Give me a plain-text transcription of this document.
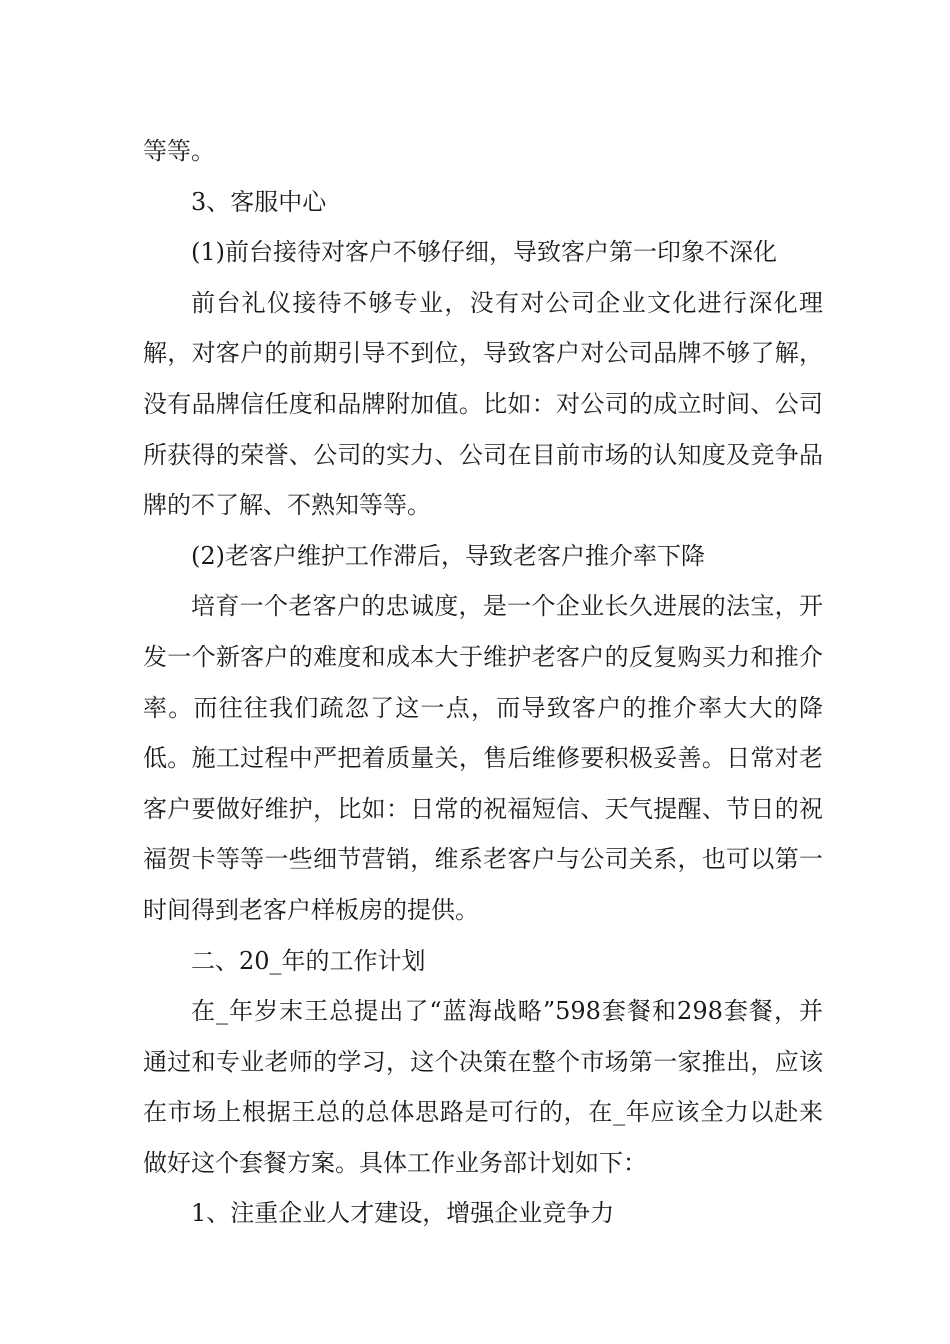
等等。

3、客服中心

(1)前台接待对客户不够仔细，导致客户第一印象不深化

前台礼仪接待不够专业，没有对公司企业文化进行深化理解，对客户的前期引导不到位，导致客户对公司品牌不够了解，没有品牌信任度和品牌附加值。比如：对公司的成立时间、公司所获得的荣誉、公司的实力、公司在目前市场的认知度及竞争品牌的不了解、不熟知等等。

(2)老客户维护工作滞后，导致老客户推介率下降

培育一个老客户的忠诚度，是一个企业长久进展的法宝，开发一个新客户的难度和成本大于维护老客户的反复购买力和推介率。而往往我们疏忽了这一点，而导致客户的推介率大大的降低。施工过程中严把着质量关，售后维修要积极妥善。日常对老客户要做好维护，比如：日常的祝福短信、天气提醒、节日的祝福贺卡等等一些细节营销，维系老客户与公司关系，也可以第一时间得到老客户样板房的提供。

二、20_年的工作计划

在_年岁末王总提出了“蓝海战略”598套餐和298套餐，并通过和专业老师的学习，这个决策在整个市场第一家推出，应该在市场上根据王总的总体思路是可行的，在_年应该全力以赴来做好这个套餐方案。具体工作业务部计划如下：

1、注重企业人才建设，增强企业竞争力
